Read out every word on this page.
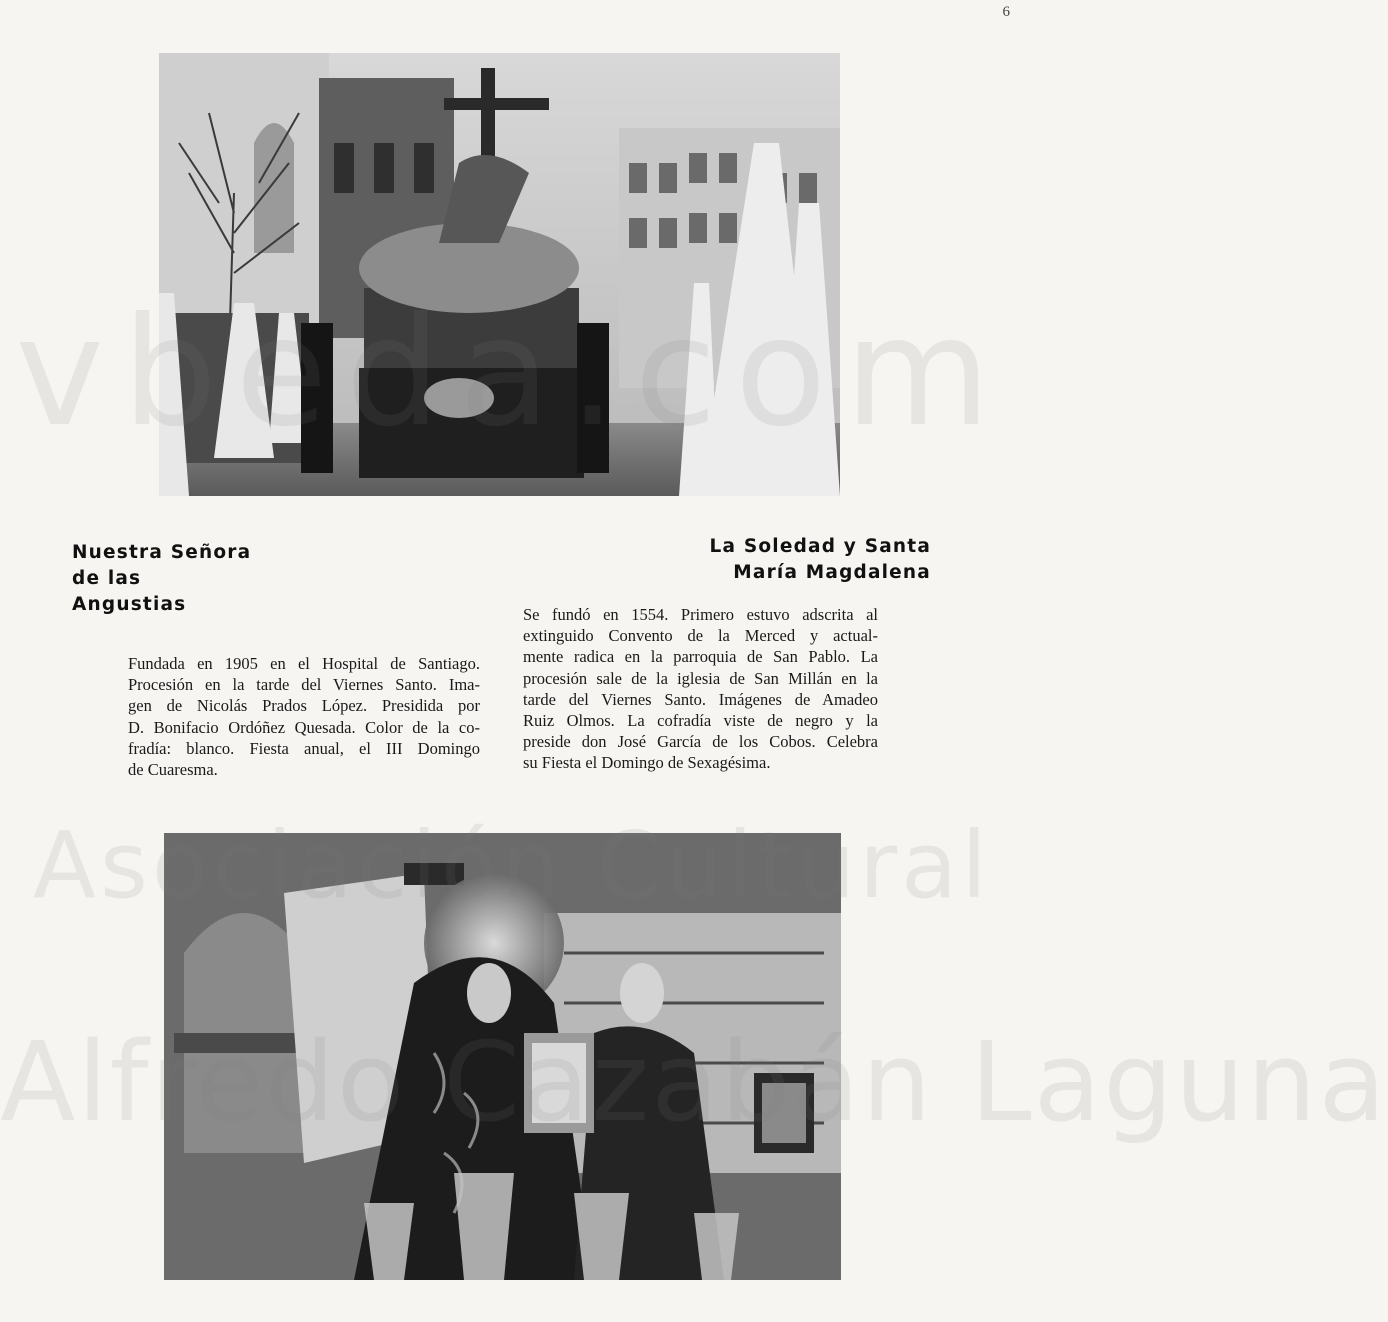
6
Nuestra Señora
de las
Angustias
La Soledad y Santa
María Magdalena
Fundada en 1905 en el Hospital de Santiago.
Procesión en la tarde del Viernes Santo. Ima-
gen de Nicolás Prados López. Presidida por
D. Bonifacio Ordóñez Quesada. Color de la co-
fradía: blanco. Fiesta anual, el III Domingo
de Cuaresma.
Se fundó en 1554. Primero estuvo adscrita al
extinguido Convento de la Merced y actual-
mente radica en la parroquia de San Pablo. La
procesión sale de la iglesia de San Millán en la
tarde del Viernes Santo. Imágenes de Amadeo
Ruiz Olmos. La cofradía viste de negro y la
preside don José García de los Cobos. Celebra
su Fiesta el Domingo de Sexagésima.
Laguna
